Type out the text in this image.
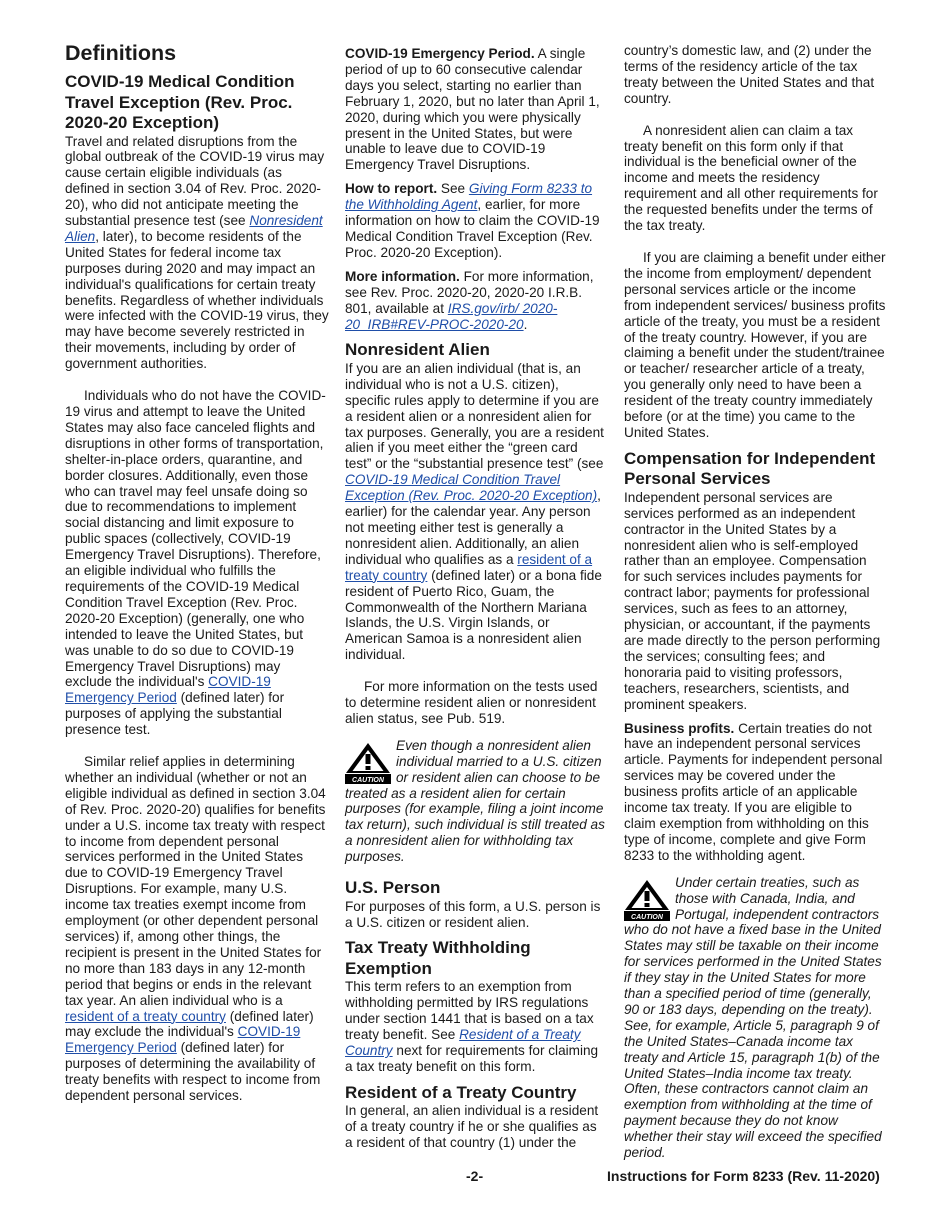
Definitions
COVID-19 Medical Condition Travel Exception (Rev. Proc. 2020-20 Exception)

Travel and related disruptions from the global outbreak of the COVID-19 virus may cause certain eligible individuals (as defined in section 3.04 of Rev. Proc. 2020-20), who did not anticipate meeting the substantial presence test (see Nonresident Alien, later), to become residents of the United States for federal income tax purposes during 2020 and may impact an individual's qualifications for certain treaty benefits. Regardless of whether individuals were infected with the COVID-19 virus, they may have become severely restricted in their movements, including by order of government authorities.

Individuals who do not have the COVID-19 virus and attempt to leave the United States may also face canceled flights and disruptions in other forms of transportation, shelter-in-place orders, quarantine, and border closures. Additionally, even those who can travel may feel unsafe doing so due to recommendations to implement social distancing and limit exposure to public spaces (collectively, COVID-19 Emergency Travel Disruptions). Therefore, an eligible individual who fulfills the requirements of the COVID-19 Medical Condition Travel Exception (Rev. Proc. 2020-20 Exception) (generally, one who intended to leave the United States, but was unable to do so due to COVID-19 Emergency Travel Disruptions) may exclude the individual's COVID-19 Emergency Period (defined later) for purposes of applying the substantial presence test.

Similar relief applies in determining whether an individual (whether or not an eligible individual as defined in section 3.04 of Rev. Proc. 2020-20) qualifies for benefits under a U.S. income tax treaty with respect to income from dependent personal services performed in the United States due to COVID-19 Emergency Travel Disruptions. For example, many U.S. income tax treaties exempt income from employment (or other dependent personal services) if, among other things, the recipient is present in the United States for no more than 183 days in any 12-month period that begins or ends in the relevant tax year. An alien individual who is a resident of a treaty country (defined later) may exclude the individual's COVID-19 Emergency Period (defined later) for purposes of determining the availability of treaty benefits with respect to income from dependent personal services.

COVID-19 Emergency Period. A single period of up to 60 consecutive calendar days you select, starting no earlier than February 1, 2020, but no later than April 1, 2020, during which you were physically present in the United States, but were unable to leave due to COVID-19 Emergency Travel Disruptions.

How to report. See Giving Form 8233 to the Withholding Agent, earlier, for more information on how to claim the COVID-19 Medical Condition Travel Exception (Rev. Proc. 2020-20 Exception).

More information. For more information, see Rev. Proc. 2020-20, 2020-20 I.R.B. 801, available at IRS.gov/irb/ 2020-20_IRB#REV-PROC-2020-20.

Nonresident Alien

If you are an alien individual (that is, an individual who is not a U.S. citizen), specific rules apply to determine if you are a resident alien or a nonresident alien for tax purposes. Generally, you are a resident alien if you meet either the “green card test” or the “substantial presence test” (see COVID-19 Medical Condition Travel Exception (Rev. Proc. 2020-20 Exception), earlier) for the calendar year. Any person not meeting either test is generally a nonresident alien. Additionally, an alien individual who qualifies as a resident of a treaty country (defined later) or a bona fide resident of Puerto Rico, Guam, the Commonwealth of the Northern Mariana Islands, the U.S. Virgin Islands, or American Samoa is a nonresident alien individual.

For more information on the tests used to determine resident alien or nonresident alien status, see Pub. 519.

CAUTION
Even though a nonresident alien individual married to a U.S. citizen or resident alien can choose to be treated as a resident alien for certain purposes (for example, filing a joint income tax return), such individual is still treated as a nonresident alien for withholding tax purposes.
U.S. Person

For purposes of this form, a U.S. person is a U.S. citizen or resident alien.

Tax Treaty Withholding Exemption

This term refers to an exemption from withholding permitted by IRS regulations under section 1441 that is based on a tax treaty benefit. See Resident of a Treaty Country next for requirements for claiming a tax treaty benefit on this form.

Resident of a Treaty Country

In general, an alien individual is a resident of a treaty country if he or she qualifies as a resident of that country (1) under the

country’s domestic law, and (2) under the terms of the residency article of the tax treaty between the United States and that country.

A nonresident alien can claim a tax treaty benefit on this form only if that individual is the beneficial owner of the income and meets the residency requirement and all other requirements for the requested benefits under the terms of the tax treaty.

If you are claiming a benefit under either the income from employment/ dependent personal services article or the income from independent services/ business profits article of the treaty, you must be a resident of the treaty country. However, if you are claiming a benefit under the student/trainee or teacher/ researcher article of a treaty, you generally only need to have been a resident of the treaty country immediately before (or at the time) you came to the United States.

Compensation for Independent Personal Services

Independent personal services are services performed as an independent contractor in the United States by a nonresident alien who is self-employed rather than an employee. Compensation for such services includes payments for contract labor; payments for professional services, such as fees to an attorney, physician, or accountant, if the payments are made directly to the person performing the services; consulting fees; and honoraria paid to visiting professors, teachers, researchers, scientists, and prominent speakers.

Business profits. Certain treaties do not have an independent personal services article. Payments for independent personal services may be covered under the business profits article of an applicable income tax treaty. If you are eligible to claim exemption from withholding on this type of income, complete and give Form 8233 to the withholding agent.

CAUTION
Under certain treaties, such as those with Canada, India, and Portugal, independent contractors who do not have a fixed base in the United States may still be taxable on their income for services performed in the United States if they stay in the United States for more than a specified period of time (generally, 90 or 183 days, depending on the treaty). See, for example, Article 5, paragraph 9 of the United States–Canada income tax treaty and Article 15, paragraph 1(b) of the United States–India income tax treaty. Often, these contractors cannot claim an exemption from withholding at the time of payment because they do not know whether their stay will exceed the specified period.
-2-	Instructions for Form 8233 (Rev. 11-2020)
